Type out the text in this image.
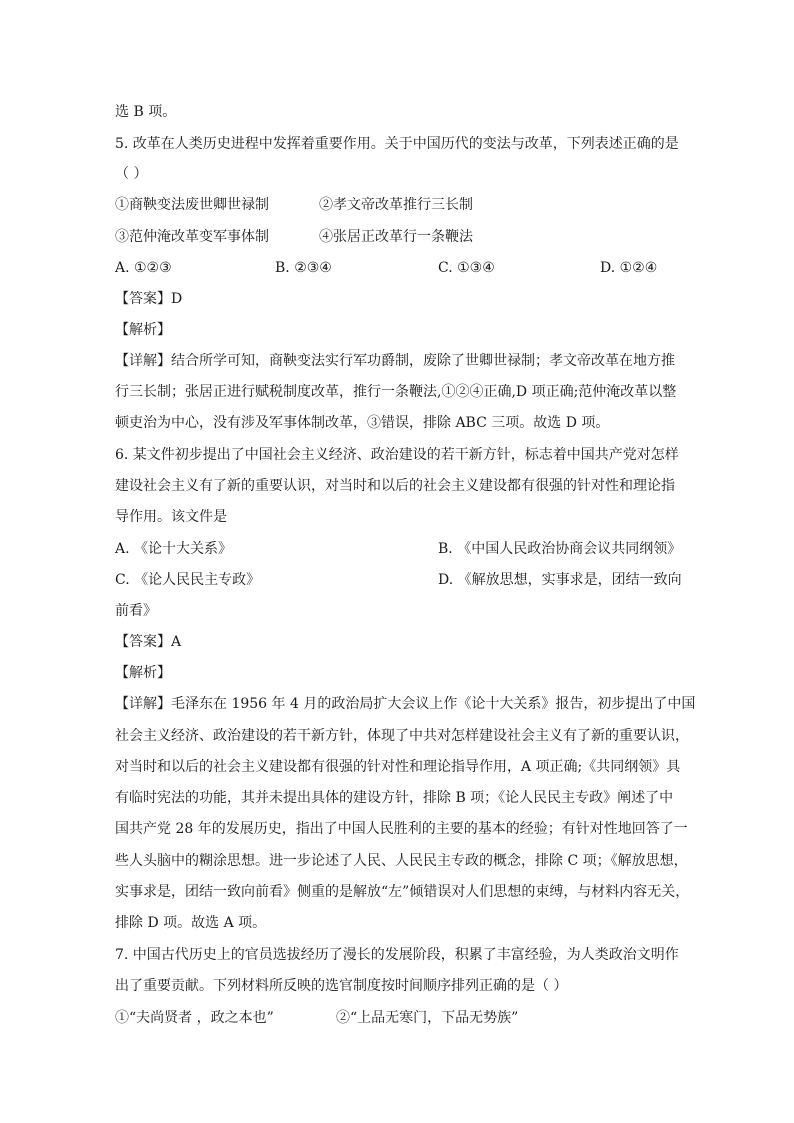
选 B 项。
5. 改革在人类历史进程中发挥着重要作用。关于中国历代的变法与改革，下列表述正确的是
（ ）
①商鞅变法废世卿世禄制	②孝文帝改革推行三长制
③范仲淹改革变军事体制	④张居正改革行一条鞭法
A. ①②③	B. ②③④	C. ①③④	D. ①②④
【答案】D
【解析】
【详解】结合所学可知，商鞅变法实行军功爵制，废除了世卿世禄制；孝文帝改革在地方推
行三长制；张居正进行赋税制度改革，推行一条鞭法,①②④正确,D 项正确;范仲淹改革以整
顿吏治为中心，没有涉及军事体制改革，③错误，排除 ABC 三项。故选 D 项。
6. 某文件初步提出了中国社会主义经济、政治建设的若干新方针，标志着中国共产党对怎样
建设社会主义有了新的重要认识，对当时和以后的社会主义建设都有很强的针对性和理论指
导作用。该文件是
A. 《论十大关系》	B. 《中国人民政治协商会议共同纲领》
C. 《论人民民主专政》	D. 《解放思想，实事求是，团结一致向
前看》
【答案】A
【解析】
【详解】毛泽东在 1956 年 4 月的政治局扩大会议上作《论十大关系》报告，初步提出了中国
社会主义经济、政治建设的若干新方针，体现了中共对怎样建设社会主义有了新的重要认识，
对当时和以后的社会主义建设都有很强的针对性和理论指导作用，A 项正确;《共同纲领》具
有临时宪法的功能，其并未提出具体的建设方针，排除 B 项；《论人民民主专政》阐述了中
国共产党 28 年的发展历史，指出了中国人民胜利的主要的基本的经验；有针对性地回答了一
些人头脑中的糊涂思想。进一步论述了人民、人民民主专政的概念，排除 C 项；《解放思想，
实事求是，团结一致向前看》侧重的是解放“左”倾错误对人们思想的束缚，与材料内容无关，
排除 D 项。故选 A 项。
7. 中国古代历史上的官员选拔经历了漫长的发展阶段，积累了丰富经验，为人类政治文明作
出了重要贡献。下列材料所反映的选官制度按时间顺序排列正确的是（ ）
①“夫尚贤者 ，政之本也”	②“上品无寒门，下品无势族”
